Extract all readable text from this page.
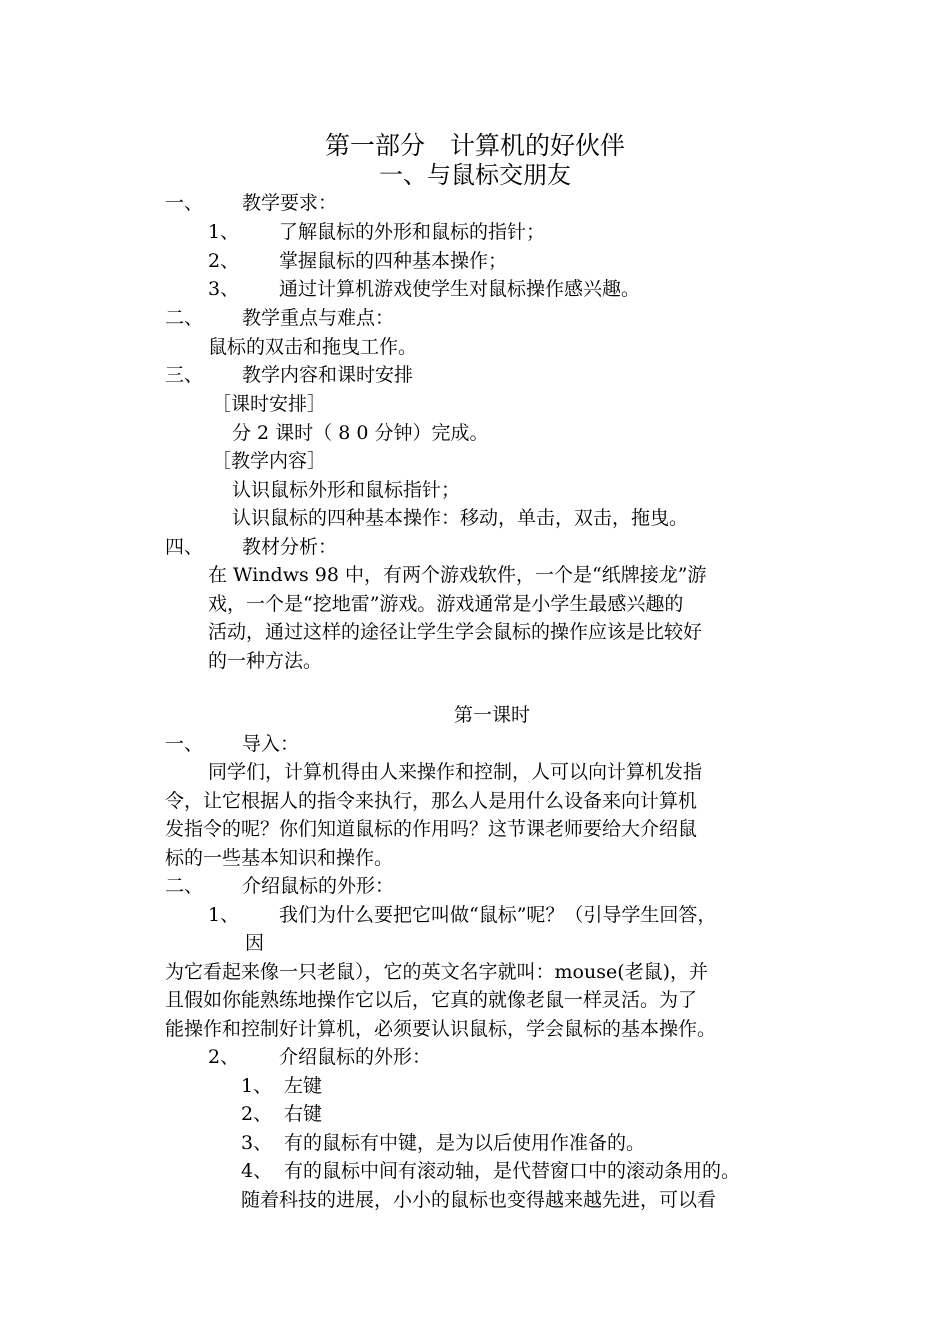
第一部分　计算机的好伙伴
一、与鼠标交朋友
一、 教学要求：
1、 了解鼠标的外形和鼠标的指针；
2、 掌握鼠标的四种基本操作；
3、 通过计算机游戏使学生对鼠标操作感兴趣。
二、 教学重点与难点：
鼠标的双击和拖曳工作。
三、 教学内容和课时安排
［课时安排］
分 2 课时（ 8 0 分钟）完成。
［教学内容］
认识鼠标外形和鼠标指针；
认识鼠标的四种基本操作：移动，单击，双击，拖曳。
四、 教材分析：
在 Windws 98 中，有两个游戏软件，一个是“纸牌接龙”游
戏，一个是“挖地雷”游戏。游戏通常是小学生最感兴趣的
活动，通过这样的途径让学生学会鼠标的操作应该是比较好
的一种方法。
第一课时
一、 导入：
同学们，计算机得由人来操作和控制，人可以向计算机发指
令，让它根据人的指令来执行，那么人是用什么设备来向计算机
发指令的呢？你们知道鼠标的作用吗？这节课老师要给大介绍鼠
标的一些基本知识和操作。
二、 介绍鼠标的外形：
1、 我们为什么要把它叫做“鼠标”呢？（引导学生回答，
因
为它看起来像一只老鼠），它的英文名字就叫：mouse(老鼠)，并
且假如你能熟练地操作它以后，它真的就像老鼠一样灵活。为了
能操作和控制好计算机，必须要认识鼠标，学会鼠标的基本操作。
2、 介绍鼠标的外形：
1、 左键
2、 右键
3、 有的鼠标有中键，是为以后使用作准备的。
4、 有的鼠标中间有滚动轴，是代替窗口中的滚动条用的。
随着科技的进展，小小的鼠标也变得越来越先进，可以看
